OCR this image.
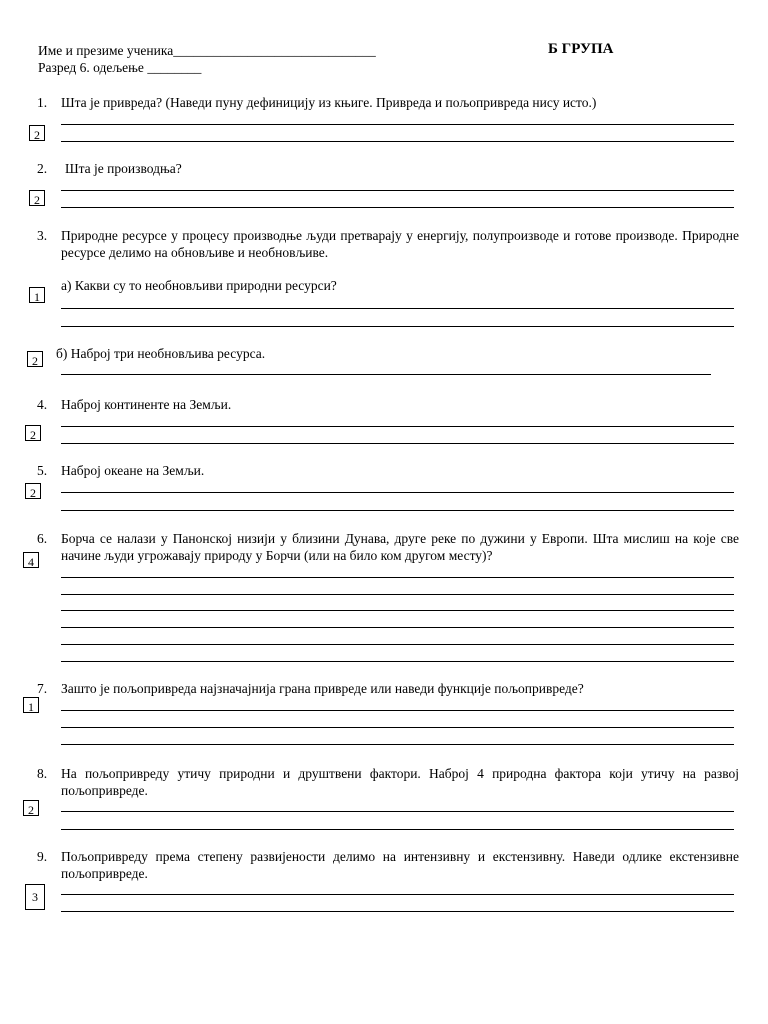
Име и презиме ученика______________________________
Разред 6. одељење ________
Б ГРУПА
1. Шта је привреда? (Наведи пуну дефиницију из књиге. Привреда и пољопривреда нису исто.)
2
2. Шта је производња?
2
3. Природне ресурсе у процесу производње људи претварају у енергију, полупроизводе и готове производе. Природне ресурсе делимо на обновљиве и необновљиве.
а) Какви су то необновљиви природни ресурси?
1
б) Наброј три необновљива ресурса.
2
4. Наброј континенте на Земљи.
2
5. Наброј океане на Земљи.
2
6. Борча се налази у Панонској низији у близини Дунава, друге реке по дужини у Европи. Шта мислиш на које све начине људи угрожавају природу у Борчи (или на било ком другом месту)?
4
7. Зашто је пољопривреда најзначајнија грана привреде или наведи функције пољопривреде?
1
8. На пољопривреду утичу природни и друштвени фактори. Наброј 4 природна фактора који утичу на развој пољопривреде.
2
9. Пољопривреду према степену развијености делимо на интензивну и екстензивну. Наведи одлике екстензивне пољопривреде.
3
